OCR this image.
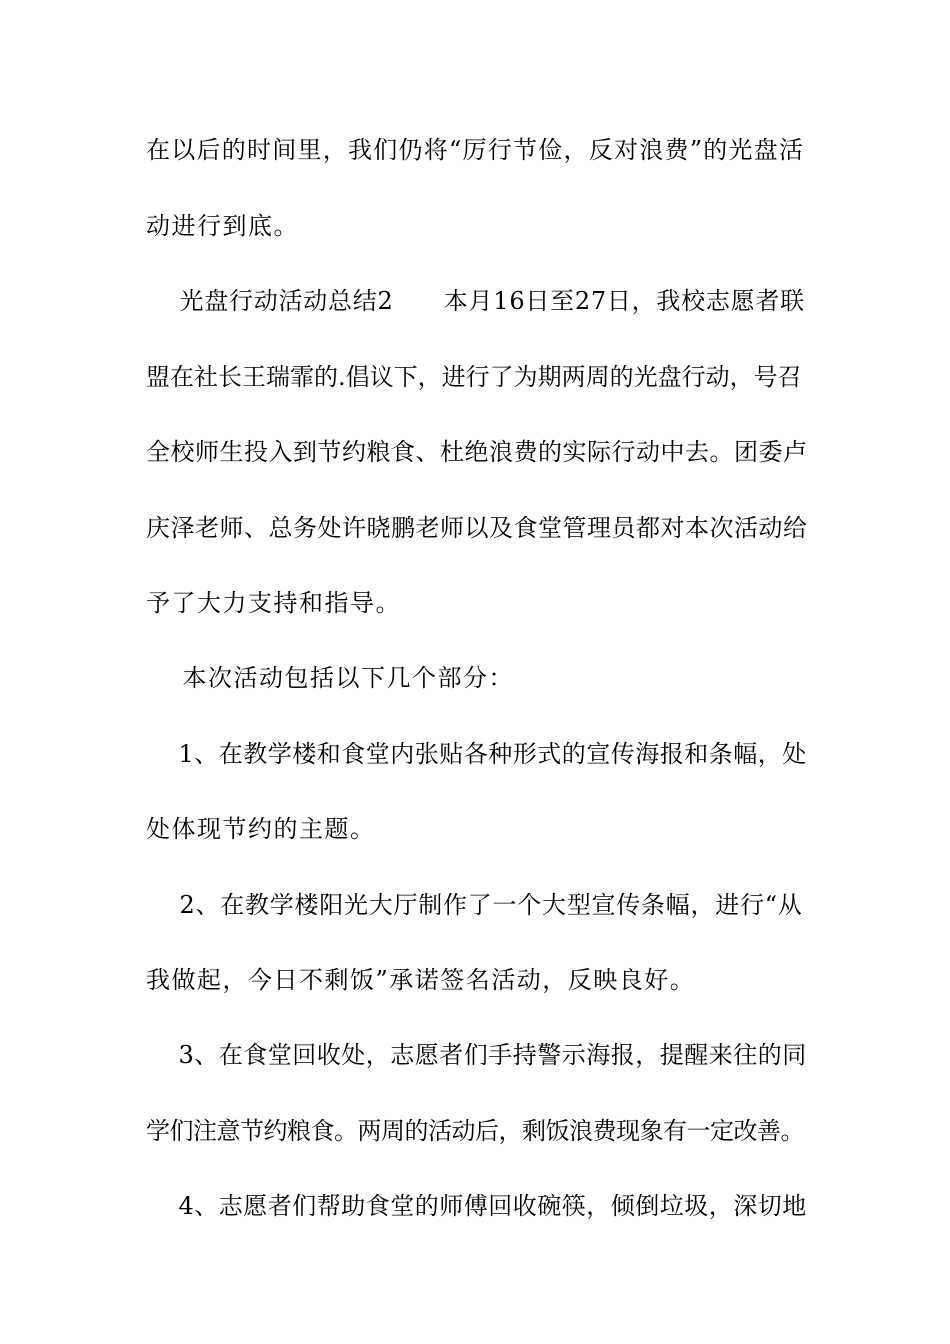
在以后的时间里，我们仍将“厉行节俭，反对浪费”的光盘活
动进行到底。
光盘行动活动总结2      本月16日至27日，我校志愿者联
盟在社长王瑞霏的.倡议下，进行了为期两周的光盘行动，号召
全校师生投入到节约粮食、杜绝浪费的实际行动中去。团委卢
庆泽老师、总务处许晓鹏老师以及食堂管理员都对本次活动给
予了大力支持和指导。
本次活动包括以下几个部分：
1、在教学楼和食堂内张贴各种形式的宣传海报和条幅，处
处体现节约的主题。
2、在教学楼阳光大厅制作了一个大型宣传条幅，进行“从
我做起，今日不剩饭”承诺签名活动，反映良好。
3、在食堂回收处，志愿者们手持警示海报，提醒来往的同
学们注意节约粮食。两周的活动后，剩饭浪费现象有一定改善。
4、志愿者们帮助食堂的师傅回收碗筷，倾倒垃圾，深切地
